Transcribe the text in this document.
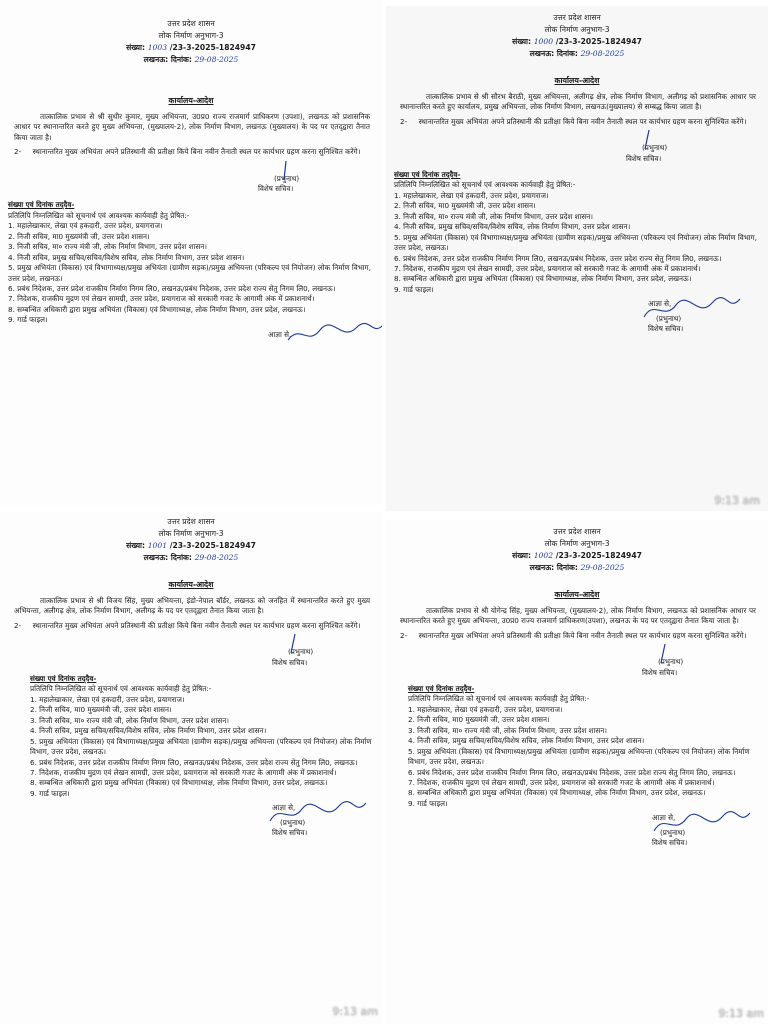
उत्तर प्रदेश शासन
लोक निर्माण अनुभाग-3
संख्या: 1003 /23-3-2025-1824947
लखनऊ: दिनांक: 29-08-2025
कार्यालय-आदेश
तात्कालिक प्रभाव से श्री सुधीर कुमार, मुख्य अभियन्ता, उ0प्र0 राज्य राजमार्ग प्राधिकरण (उपशा), लखनऊ को प्रशासनिक आधार पर स्थानान्तरित करते हुए मुख्य अभियन्ता, (मुख्यालय-2), लोक निर्माण विभाग, लखनऊ (मुख्यालय) के पद पर एतद्‌द्वारा तैनात किया जाता है।
2-     स्थानान्तरित मुख्य अभियंता अपने प्रतिस्थानी की प्रतीक्षा किये बिना नवीन तैनाती स्थल पर कार्यभार ग्रहण करना सुनिश्चित करेंगे।
(प्रभुनाथ)
विशेष सचिव।
संख्या एवं दिनांक तद्‌दैव-
प्रतिलिपि निम्नलिखित को सूचनार्थ एवं आवश्यक कार्यवाही हेतु प्रेषित:-
1. महालेखाकार, लेखा एवं हकदारी, उत्तर प्रदेश, प्रयागराज।
2. निजी सचिव, मा0 मुख्यमंत्री जी, उत्तर प्रदेश शासन।
3. निजी सचिव, मा० राज्य मंत्री जी, लोक निर्माण विभाग, उत्तर प्रदेश शासन।
4. निजी सचिव, प्रमुख सचिव/सचिव/विशेष सचिव, लोक निर्माण विभाग, उत्तर प्रदेश शासन।
5. प्रमुख अभियंता (विकास) एवं विभागाध्यक्ष/प्रमुख अभियंता (ग्रामीण सड़क)/प्रमुख अभियन्ता (परिकल्प एवं नियोजन) लोक निर्माण विभाग, उत्तर प्रदेश, लखनऊ।
6. प्रबंध निदेशक, उत्तर प्रदेश राजकीय निर्माण निगम लि0, लखनऊ/प्रबंध निदेशक, उत्तर प्रदेश राज्य सेतु निगम लि0, लखनऊ।
7. निदेशक, राजकीय मुद्रण एवं लेखन सामग्री, उत्तर प्रदेश, प्रयागराज को सरकारी गजट के आगामी अंक में प्रकाशनार्थ।
8. सम्बन्धित अधिकारी द्वारा प्रमुख अभियंता (विकास) एवं विभागाध्यक्ष, लोक निर्माण विभाग, उत्तर प्रदेश, लखनऊ।
9. गार्ड फाइल।
आज्ञा से,
उत्तर प्रदेश शासन
लोक निर्माण अनुभाग-3
संख्या: 1000 /23-3-2025-1824947
लखनऊ: दिनांक: 29-08-2025
कार्यालय-आदेश
तात्कालिक प्रभाव से श्री सौरभ बैराठी, मुख्य अभियन्ता, अलीगढ़ क्षेत्र, लोक निर्माण विभाग, अलीगढ़ को प्रशासनिक आधार पर स्थानान्तरित करते हुए कार्यालय, प्रमुख अभियन्ता, लोक निर्माण विभाग, लखनऊ(मुख्यालय) से सम्बद्ध किया जाता है।
2-     स्थानान्तरित मुख्य अभियंता अपने प्रतिस्थानी की प्रतीक्षा किये बिना नवीन तैनाती स्थल पर कार्यभार ग्रहण करना सुनिश्चित करेंगे।
(प्रभुनाथ)
विशेष सचिव।
संख्या एवं दिनांक तद्‌दैव-
प्रतिलिपि निम्नलिखित को सूचनार्थ एवं आवश्यक कार्यवाही हेतु प्रेषित:-
1. महालेखाकार, लेखा एवं हकदारी, उत्तर प्रदेश, प्रयागराज।
2. निजी सचिव, मा0 मुख्यमंत्री जी, उत्तर प्रदेश शासन।
3. निजी सचिव, मा० राज्य मंत्री जी, लोक निर्माण विभाग, उत्तर प्रदेश शासन।
4. निजी सचिव, प्रमुख सचिव/सचिव/विशेष सचिव, लोक निर्माण विभाग, उत्तर प्रदेश शासन।
5. प्रमुख अभियंता (विकास) एवं विभागाध्यक्ष/प्रमुख अभियंता (ग्रामीण सड़क)/प्रमुख अभियन्ता (परिकल्प एवं नियोजन) लोक निर्माण विभाग, उत्तर प्रदेश, लखनऊ।
6. प्रबंध निदेशक, उत्तर प्रदेश राजकीय निर्माण निगम लि0, लखनऊ/प्रबंध निदेशक, उत्तर प्रदेश राज्य सेतु निगम लि0, लखनऊ।
7. निदेशक, राजकीय मुद्रण एवं लेखन सामग्री, उत्तर प्रदेश, प्रयागराज को सरकारी गजट के आगामी अंक में प्रकाशनार्थ।
8. सम्बन्धित अधिकारी द्वारा प्रमुख अभियंता (विकास) एवं विभागाध्यक्ष, लोक निर्माण विभाग, उत्तर प्रदेश, लखनऊ।
9. गार्ड फाइल।
आज्ञा से,
(प्रभुनाथ)
विशेष सचिव।
9:13 am
उत्तर प्रदेश शासन
लोक निर्माण अनुभाग-3
संख्या: 1001 /23-3-2025-1824947
लखनऊ: दिनांक: 29-08-2025
कार्यालय-आदेश
तात्कालिक प्रभाव से श्री विजय सिंह, मुख्य अभियन्ता, इंडो-नेपाल बॉर्डर, लखनऊ को जनहित में स्थानान्तरित करते हुए मुख्य अभियन्ता, अलीगढ़ क्षेत्र, लोक निर्माण विभाग, अलीगढ़ के पद पर एतद्‌द्वारा तैनात किया जाता है।
2-     स्थानान्तरित मुख्य अभियंता अपने प्रतिस्थानी की प्रतीक्षा किये बिना नवीन तैनाती स्थल पर कार्यभार ग्रहण करना सुनिश्चित करेंगे।
(प्रभुनाथ)
विशेष सचिव।
संख्या एवं दिनांक तद्‌दैव-
प्रतिलिपि निम्नलिखित को सूचनार्थ एवं आवश्यक कार्यवाही हेतु प्रेषित:-
1. महालेखाकार, लेखा एवं हकदारी, उत्तर प्रदेश, प्रयागराज।
2. निजी सचिव, मा0 मुख्यमंत्री जी, उत्तर प्रदेश शासन।
3. निजी सचिव, मा० राज्य मंत्री जी, लोक निर्माण विभाग, उत्तर प्रदेश शासन।
4. निजी सचिव, प्रमुख सचिव/सचिव/विशेष सचिव, लोक निर्माण विभाग, उत्तर प्रदेश शासन।
5. प्रमुख अभियंता (विकास) एवं विभागाध्यक्ष/प्रमुख अभियंता (ग्रामीण सड़क)/प्रमुख अभियन्ता (परिकल्प एवं नियोजन) लोक निर्माण विभाग, उत्तर प्रदेश, लखनऊ।
6. प्रबंध निदेशक, उत्तर प्रदेश राजकीय निर्माण निगम लि0, लखनऊ/प्रबंध निदेशक, उत्तर प्रदेश राज्य सेतु निगम लि0, लखनऊ।
7. निदेशक, राजकीय मुद्रण एवं लेखन सामग्री, उत्तर प्रदेश, प्रयागराज को सरकारी गजट के आगामी अंक में प्रकाशनार्थ।
8. सम्बन्धित अधिकारी द्वारा प्रमुख अभियंता (विकास) एवं विभागाध्यक्ष, लोक निर्माण विभाग, उत्तर प्रदेश, लखनऊ।
9. गार्ड फाइल।
आज्ञा से,
(प्रभुनाथ)
विशेष सचिव।
9:13 am
उत्तर प्रदेश शासन
लोक निर्माण अनुभाग-3
संख्या: 1002 /23-3-2025-1824947
लखनऊ: दिनांक: 29-08-2025
कार्यालय-आदेश
तात्कालिक प्रभाव से श्री योगेन्द्र सिंह, मुख्य अभियन्ता, (मुख्यालय-2), लोक निर्माण विभाग, लखनऊ को प्रशासनिक आधार पर स्थानान्तरित करते हुए मुख्य अभियन्ता, उ0प्र0 राज्य राजमार्ग प्राधिकरण(उपशा), लखनऊ के पद पर एतद्‌द्वारा तैनात किया जाता है।
2-     स्थानान्तरित मुख्य अभियंता अपने प्रतिस्थानी की प्रतीक्षा किये बिना नवीन तैनाती स्थल पर कार्यभार ग्रहण करना सुनिश्चित करेंगे।
(प्रभुनाथ)
विशेष सचिव।
संख्या एवं दिनांक तद्‌दैव-
प्रतिलिपि निम्नलिखित को सूचनार्थ एवं आवश्यक कार्यवाही हेतु प्रेषित:-
1. महालेखाकार, लेखा एवं हकदारी, उत्तर प्रदेश, प्रयागराज।
2. निजी सचिव, मा0 मुख्यमंत्री जी, उत्तर प्रदेश शासन।
3. निजी सचिव, मा० राज्य मंत्री जी, लोक निर्माण विभाग, उत्तर प्रदेश शासन।
4. निजी सचिव, प्रमुख सचिव/सचिव/विशेष सचिव, लोक निर्माण विभाग, उत्तर प्रदेश शासन।
5. प्रमुख अभियंता (विकास) एवं विभागाध्यक्ष/प्रमुख अभियंता (ग्रामीण सड़क)/प्रमुख अभियन्ता (परिकल्प एवं नियोजन) लोक निर्माण विभाग, उत्तर प्रदेश, लखनऊ।
6. प्रबंध निदेशक, उत्तर प्रदेश राजकीय निर्माण निगम लि0, लखनऊ/प्रबंध निदेशक, उत्तर प्रदेश राज्य सेतु निगम लि0, लखनऊ।
7. निदेशक, राजकीय मुद्रण एवं लेखन सामग्री, उत्तर प्रदेश, प्रयागराज को सरकारी गजट के आगामी अंक में प्रकाशनार्थ।
8. सम्बन्धित अधिकारी द्वारा प्रमुख अभियंता (विकास) एवं विभागाध्यक्ष, लोक निर्माण विभाग, उत्तर प्रदेश, लखनऊ।
9. गार्ड फाइल।
आज्ञा से,
(प्रभुनाथ)
विशेष सचिव।
9:13 am
